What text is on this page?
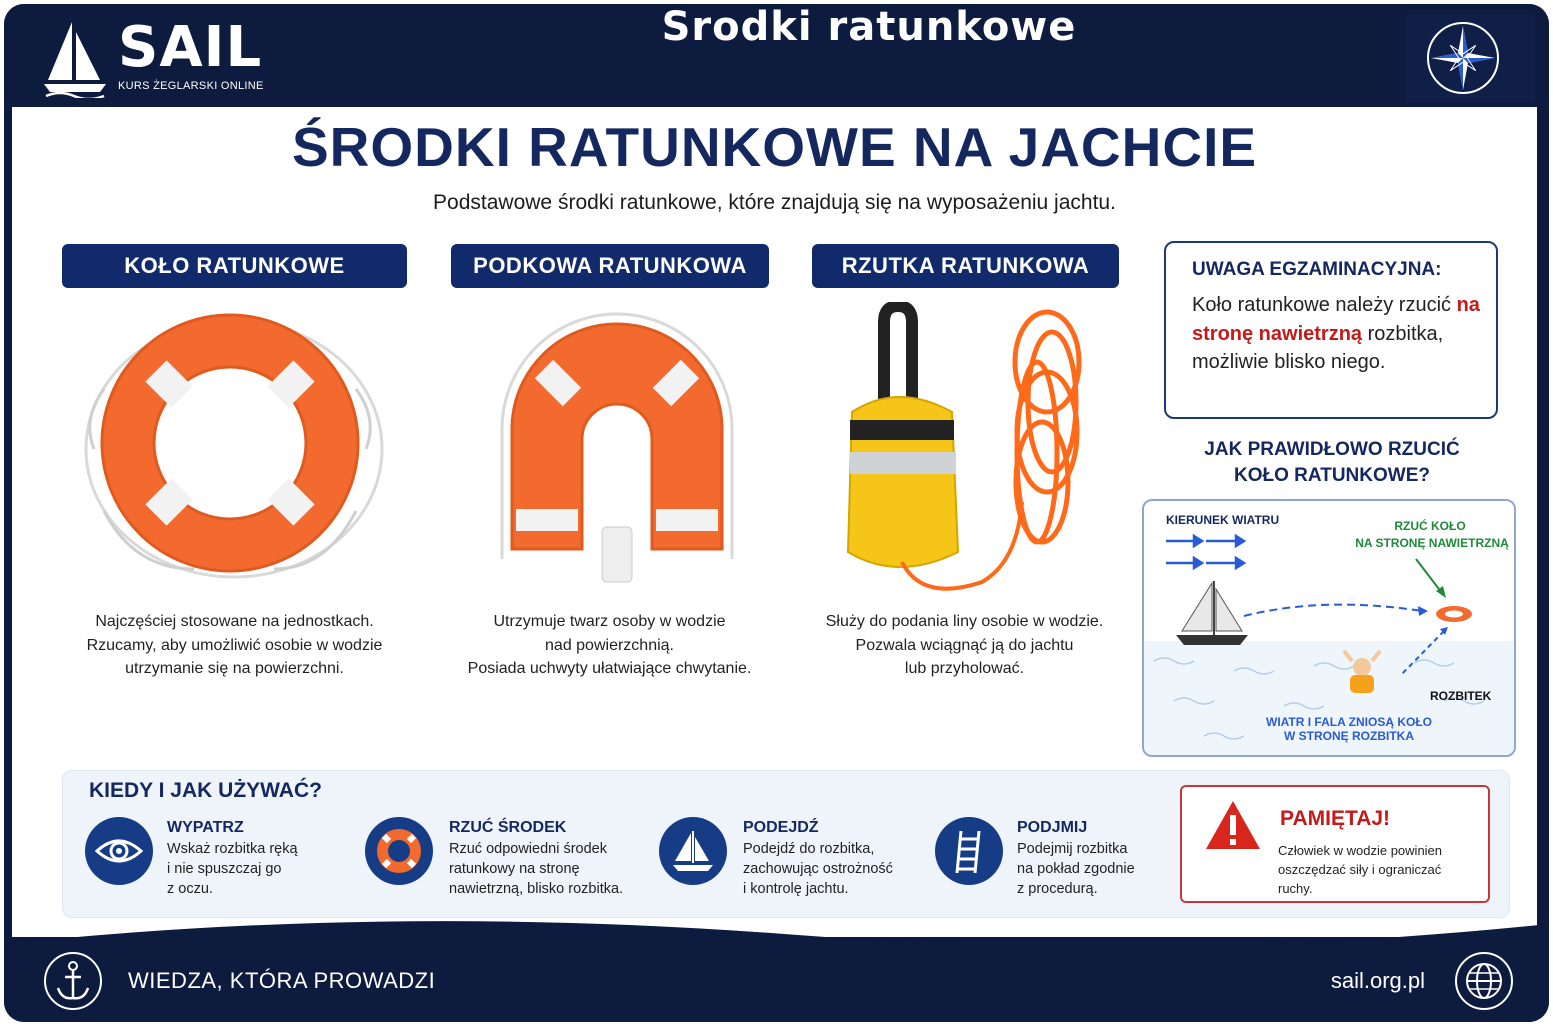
SAIL
KURS ŻEGLARSKI ONLINE
Srodki ratunkowe
ŚRODKI RATUNKOWE NA JACHCIE
Podstawowe środki ratunkowe, które znajdują się na wyposażeniu jachtu.
KOŁO RATUNKOWE
Najczęściej stosowane na jednostkach.
Rzucamy, aby umożliwić osobie w wodzie
utrzymanie się na powierzchni.
PODKOWA RATUNKOWA
Utrzymuje twarz osoby w wodzie
nad powierzchnią.
Posiada uchwyty ułatwiające chwytanie.
RZUTKA RATUNKOWA
Służy do podania liny osobie w wodzie.
Pozwala wciągnąć ją do jachtu
lub przyholować.
UWAGA EGZAMINACYJNA:
Koło ratunkowe należy rzucić na stronę nawietrzną rozbitka, możliwie blisko niego.
JAK PRAWIDŁOWO RZUCIĆ
KOŁO RATUNKOWE?
KIERUNEK WIATRU	RZUĆ KOŁO
NA STRONĘ NAWIETRZNĄ
ROZBITEK
WIATR I FALA ZNIOSĄ KOŁO
W STRONĘ ROZBITKA
KIEDY I JAK UŻYWAĆ?
WYPATRZ
Wskaż rozbitka ręką
i nie spuszczaj go
z oczu.
RZUĆ ŚRODEK
Rzuć odpowiedni środek
ratunkowy na stronę
nawietrzną, blisko rozbitka.
PODEJDŹ
Podejdź do rozbitka,
zachowując ostrożność
i kontrolę jachtu.
PODJMIJ
Podejmij rozbitka
na pokład zgodnie
z procedurą.
PAMIĘTAJ!
Człowiek w wodzie powinien
oszczędzać siły i ograniczać
ruchy.
WIEDZA, KTÓRA PROWADZI	sail.org.pl
